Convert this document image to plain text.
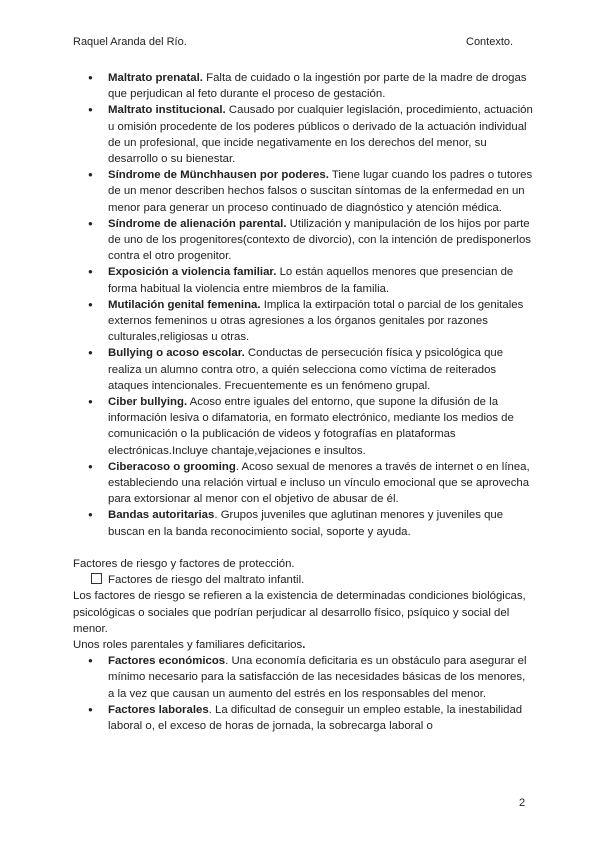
Raquel Aranda del Río.	Contexto.
● Maltrato prenatal. Falta de cuidado o la ingestión por parte de la madre de drogas que perjudican al feto durante el proceso de gestación.
● Maltrato institucional. Causado por cualquier legislación, procedimiento, actuación u omisión procedente de los poderes públicos o derivado de la actuación individual de un profesional, que incide negativamente en los derechos del menor, su desarrollo o su bienestar.
● Síndrome de Münchhausen por poderes. Tiene lugar cuando los padres o tutores de un menor describen hechos falsos o suscitan síntomas de la enfermedad en un menor para generar un proceso continuado de diagnóstico y atención médica.
● Síndrome de alienación parental. Utilización y manipulación de los hijos por parte de uno de los progenitores(contexto de divorcio), con la intención de predisponerlos contra el otro progenitor.
● Exposición a violencia familiar. Lo están aquellos menores que presencian de forma habitual la violencia entre miembros de la familia.
● Mutilación genital femenina. Implica la extirpación total o parcial de los genitales externos femeninos u otras agresiones a los órganos genitales por razones culturales,religiosas u otras.
● Bullying o acoso escolar. Conductas de persecución física y psicológica que realiza un alumno contra otro, a quién selecciona como víctima de reiterados ataques intencionales. Frecuentemente es un fenómeno grupal.
● Ciber bullying. Acoso entre iguales del entorno, que supone la difusión de la información lesiva o difamatoria, en formato electrónico, mediante los medios de comunicación o la publicación de videos y fotografías en plataformas electrónicas.Incluye chantaje,vejaciones e insultos.
● Ciberacoso o grooming. Acoso sexual de menores a través de internet o en línea, estableciendo una relación virtual e incluso un vínculo emocional que se aprovecha para extorsionar al menor con el objetivo de abusar de él.
● Bandas autoritarias. Grupos juveniles que aglutinan menores y juveniles que buscan en la banda reconocimiento social, soporte y ayuda.

Factores de riesgo y factores de protección.

Factores de riesgo del maltrato infantil.

Los factores de riesgo se refieren a la existencia de determinadas condiciones biológicas, psicológicas o sociales que podrían perjudicar al desarrollo físico, psíquico y social del menor.

Unos roles parentales y familiares deficitarios.

● Factores económicos. Una economía deficitaria es un obstáculo para asegurar el mínimo necesario para la satisfacción de las necesidades básicas de los menores, a la vez que causan un aumento del estrés en los responsables del menor.
● Factores laborales. La dificultad de conseguir un empleo estable, la inestabilidad laboral o, el exceso de horas de jornada, la sobrecarga laboral o
2
